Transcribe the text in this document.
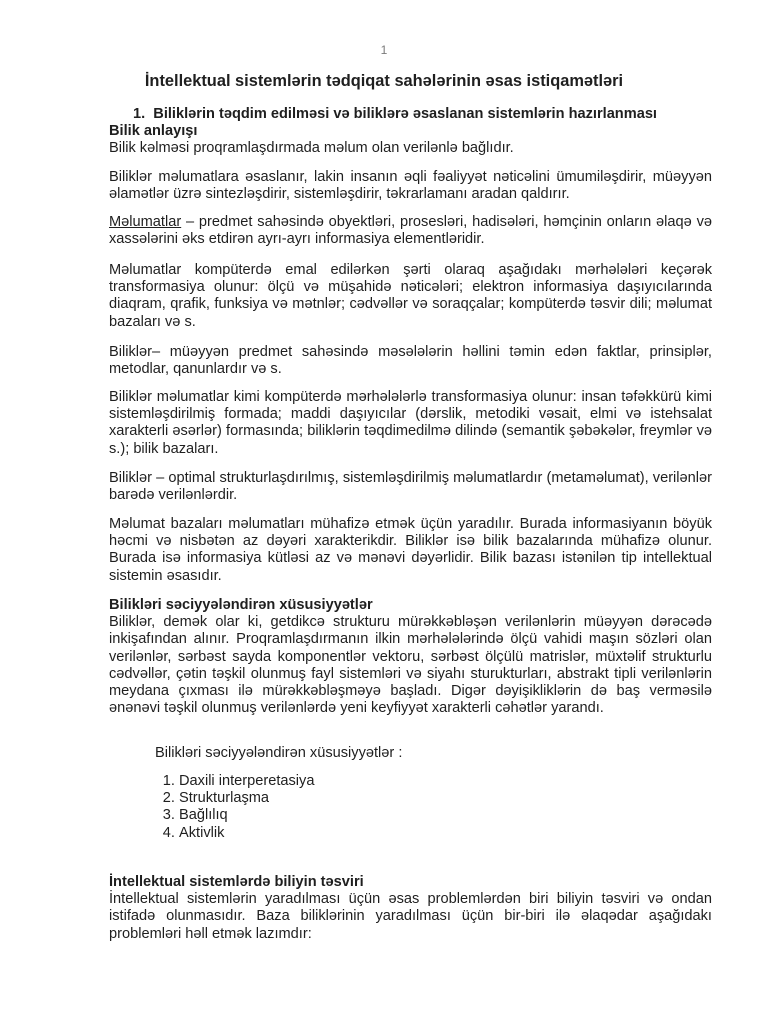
1
İntellektual sistemlərin tədqiqat sahələrinin əsas istiqamətləri
1. Biliklərin təqdim edilməsi və biliklərə əsaslanan sistemlərin hazırlanması
Bilik anlayışı
Bilik kəlməsi proqramlaşdırmada məlum olan verilənlə bağlıdır.

Biliklər məlumatlara əsaslanır, lakin insanın əqli fəaliyyət nəticəlini ümumiləşdirir, müəyyən əlamətlər üzrə sintezləşdirir, sistemləşdirir, təkrarlamanı aradan qaldırır.

Məlumatlar – predmet sahəsində obyektləri, prosesləri, hadisələri, həmçinin onların əlaqə və xassələrini əks etdirən ayrı-ayrı informasiya elementləridir.

Məlumatlar kompüterdə emal edilərkən şərti olaraq aşağıdakı mərhələləri keçərək transformasiya olunur: ölçü və müşahidə nəticələri; elektron informasiya daşıyıcılarında diaqram, qrafik, funksiya və mətnlər; cədvəllər və soraqçalar; kompüterdə təsvir dili; məlumat bazaları və s.

Biliklər– müəyyən predmet sahəsində məsələlərin həllini təmin edən faktlar, prinsiplər, metodlar, qanunlardır və s.

Biliklər məlumatlar kimi kompüterdə mərhələlərlə transformasiya olunur: insan təfəkkürü kimi sistemləşdirilmiş formada; maddi daşıyıcılar (dərslik, metodiki vəsait, elmi və istehsalat xarakterli əsərlər) formasında; biliklərin təqdimedilmə dilində (semantik şəbəkələr, freymlər və s.); bilik bazaları.

Biliklər – optimal strukturlaşdırılmış, sistemləşdirilmiş məlumatlardır (metaməlumat), verilənlər barədə verilənlərdir.

Məlumat bazaları məlumatları mühafizə etmək üçün yaradılır. Burada informasiyanın böyük həcmi və nisbətən az dəyəri xarakterikdir. Biliklər isə bilik bazalarında mühafizə olunur. Burada isə informasiya kütləsi az və mənəvi dəyərlidir. Bilik bazası istənilən tip intellektual sistemin əsasıdır.

Bilikləri səciyyələndirən xüsusiyyətlər
Biliklər, demək olar ki, getdikcə strukturu mürəkkəbləşən verilənlərin müəyyən dərəcədə inkişafından alınır. Proqramlaşdırmanın ilkin mərhələlərində ölçü vahidi maşın sözləri olan verilənlər, sərbəst sayda komponentlər vektoru, sərbəst ölçülü matrislər, müxtəlif strukturlu cədvəllər, çətin təşkil olunmuş fayl sistemləri və siyahı sturukturları, abstrakt tipli verilənlərin meydana çıxması ilə mürəkkəbləşməyə başladı. Digər dəyişikliklərin də baş verməsilə ənənəvi təşkil olunmuş verilənlərdə yeni keyfiyyət xarakterli cəhətlər yarandı.
Bilikləri səciyyələndirən xüsusiyyətlər :
1. Daxili interperetasiya
2. Strukturlaşma
3. Bağlılıq
4. Aktivlik
İntellektual sistemlərdə biliyin təsviri
İntellektual sistemlərin yaradılması üçün əsas problemlərdən biri biliyin təsviri və ondan istifadə olunmasıdır. Baza biliklərinin yaradılması üçün bir-biri ilə əlaqədar aşağıdakı problemləri həll etmək lazımdır:
